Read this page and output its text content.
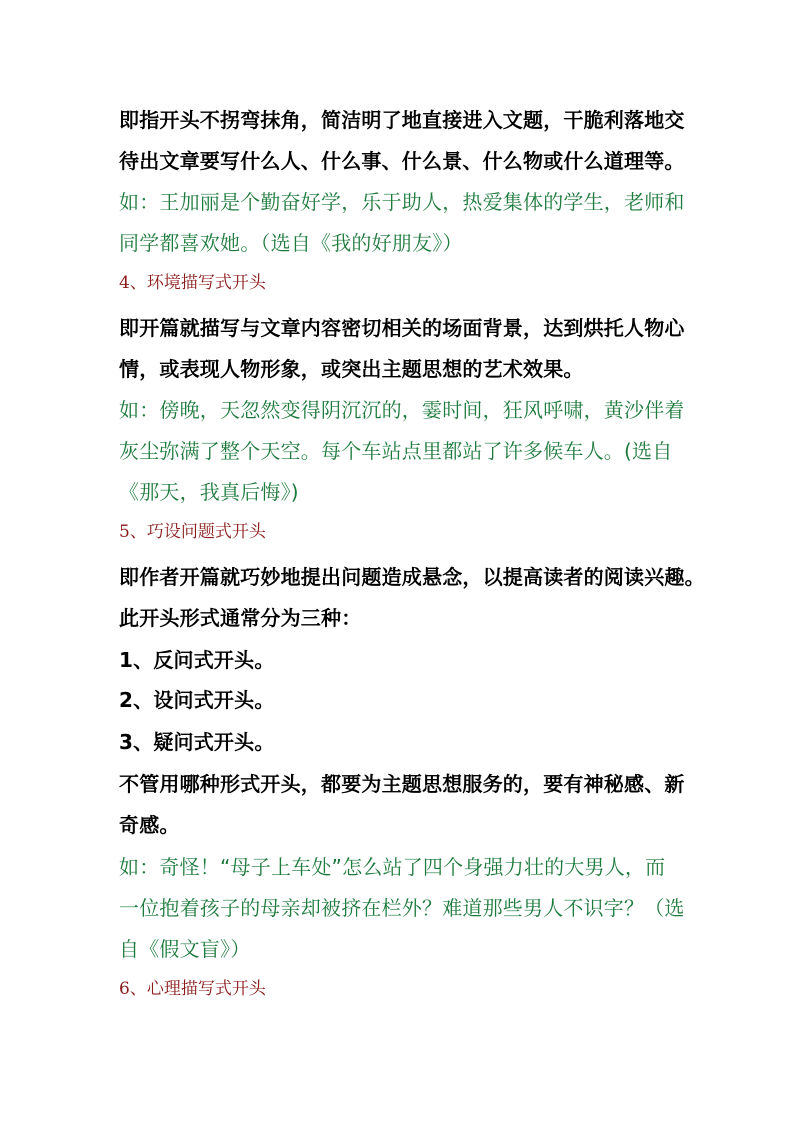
即指开头不拐弯抹角，简洁明了地直接进入文题，干脆利落地交
待出文章要写什么人、什么事、什么景、什么物或什么道理等。
如：王加丽是个勤奋好学，乐于助人，热爱集体的学生，老师和
同学都喜欢她。（选自《我的好朋友》）
4、环境描写式开头
即开篇就描写与文章内容密切相关的场面背景，达到烘托人物心
情，或表现人物形象，或突出主题思想的艺术效果。
如：傍晚，天忽然变得阴沉沉的，霎时间，狂风呼啸，黄沙伴着
灰尘弥满了整个天空。每个车站点里都站了许多候车人。(选自
《那天，我真后悔》)
5、巧设问题式开头
即作者开篇就巧妙地提出问题造成悬念，以提高读者的阅读兴趣。
此开头形式通常分为三种：
1、反问式开头。
2、设问式开头。
3、疑问式开头。
不管用哪种形式开头，都要为主题思想服务的，要有神秘感、新
奇感。
如：奇怪！“母子上车处”怎么站了四个身强力壮的大男人，而
一位抱着孩子的母亲却被挤在栏外？难道那些男人不识字？（选
自《假文盲》）
6、心理描写式开头
